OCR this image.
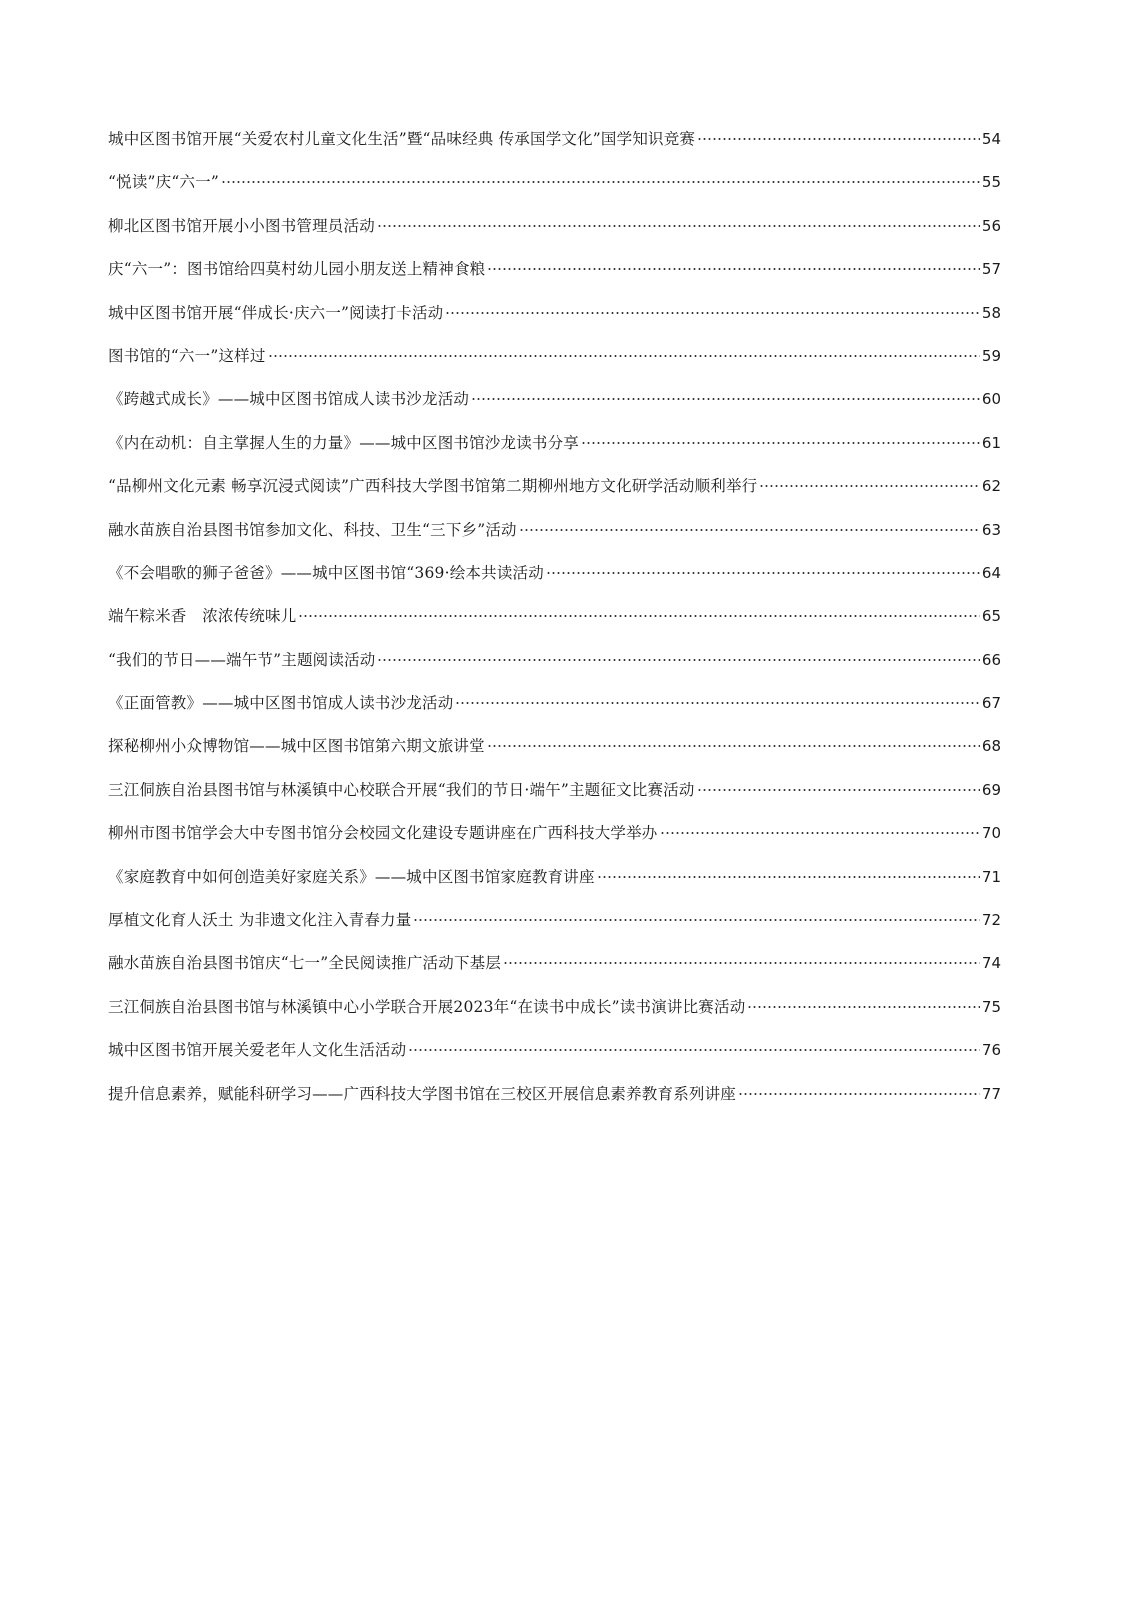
城中区图书馆开展“关爱农村儿童文化生活”暨“品味经典 传承国学文化”国学知识竞赛	54
“悦读”庆“六一”	55
柳北区图书馆开展小小图书管理员活动	56
庆“六一”：图书馆给四莫村幼儿园小朋友送上精神食粮	57
城中区图书馆开展“伴成长·庆六一”阅读打卡活动	58
图书馆的“六一”这样过	59
《跨越式成长》——城中区图书馆成人读书沙龙活动	60
《内在动机：自主掌握人生的力量》——城中区图书馆沙龙读书分享	61
“品柳州文化元素 畅享沉浸式阅读”广西科技大学图书馆第二期柳州地方文化研学活动顺利举行	62
融水苗族自治县图书馆参加文化、科技、卫生“三下乡”活动	63
《不会唱歌的狮子爸爸》——城中区图书馆“369·绘本共读活动	64
端午粽米香　浓浓传统味儿	65
“我们的节日——端午节”主题阅读活动	66
《正面管教》——城中区图书馆成人读书沙龙活动	67
探秘柳州小众博物馆——城中区图书馆第六期文旅讲堂	68
三江侗族自治县图书馆与林溪镇中心校联合开展“我们的节日·端午”主题征文比赛活动	69
柳州市图书馆学会大中专图书馆分会校园文化建设专题讲座在广西科技大学举办	70
《家庭教育中如何创造美好家庭关系》——城中区图书馆家庭教育讲座	71
厚植文化育人沃土 为非遗文化注入青春力量	72
融水苗族自治县图书馆庆“七一”全民阅读推广活动下基层	74
三江侗族自治县图书馆与林溪镇中心小学联合开展2023年“在读书中成长”读书演讲比赛活动	75
城中区图书馆开展关爱老年人文化生活活动	76
提升信息素养，赋能科研学习——广西科技大学图书馆在三校区开展信息素养教育系列讲座	77
